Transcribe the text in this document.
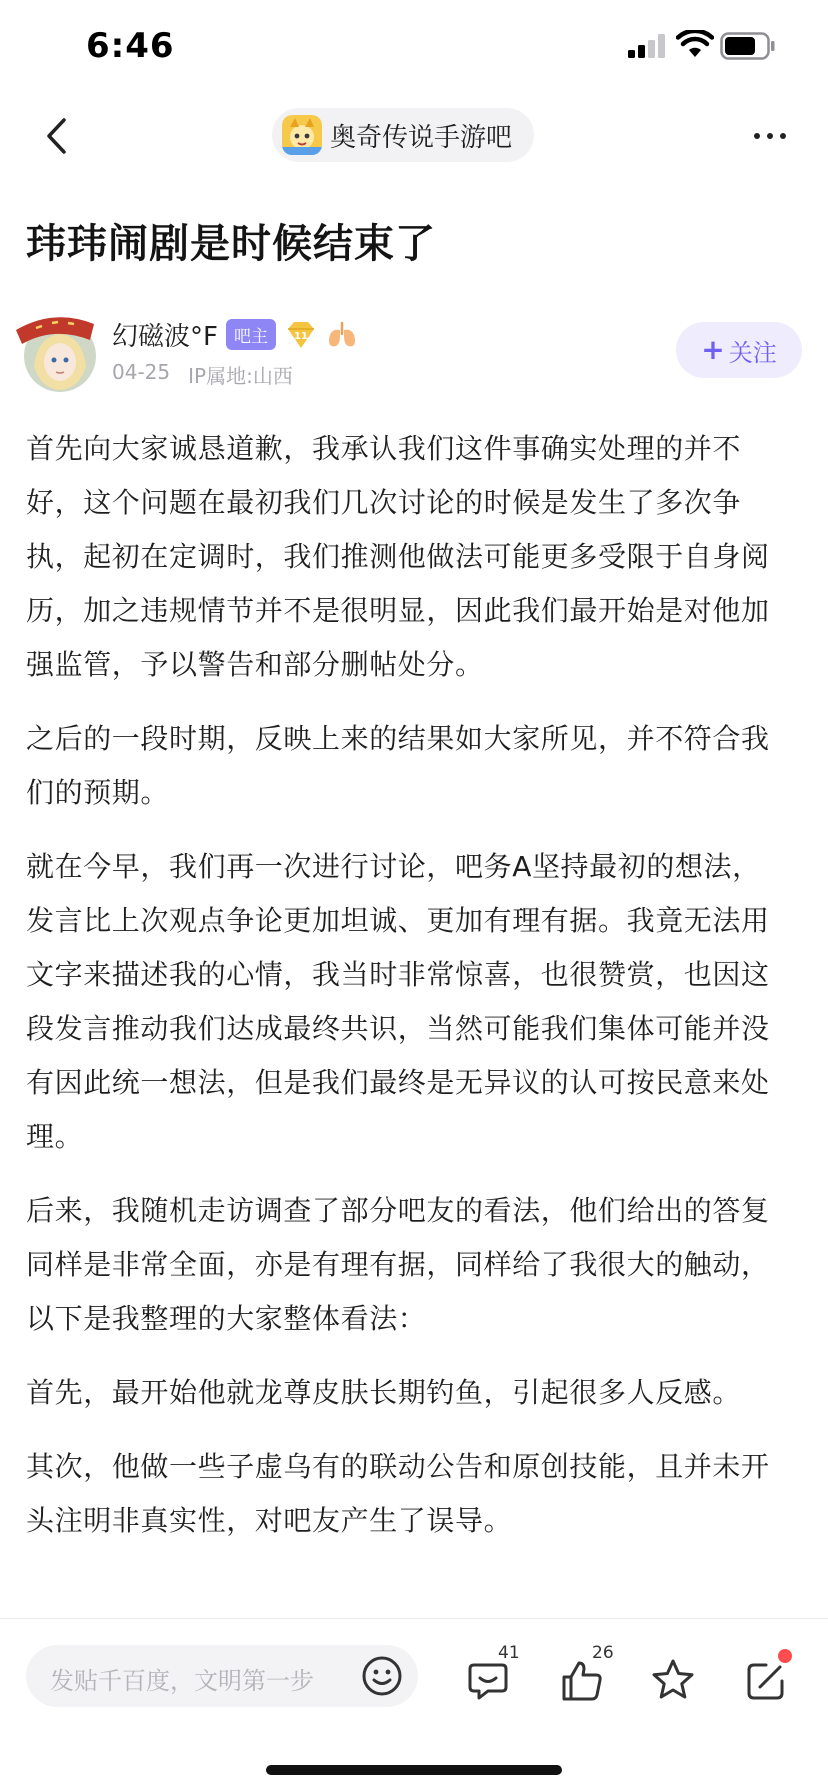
6:46
奥奇传说手游吧
玮玮闹剧是时候结束了
幻磁波°F 吧主	11
04-25 IP属地:山西
+ 关注

首先向大家诚恳道歉，我承认我们这件事确实处理的并不好，这个问题在最初我们几次讨论的时候是发生了多次争执，起初在定调时，我们推测他做法可能更多受限于自身阅历，加之违规情节并不是很明显，因此我们最开始是对他加强监管，予以警告和部分删帖处分。

之后的一段时期，反映上来的结果如大家所见，并不符合我们的预期。

就在今早，我们再一次进行讨论，吧务A坚持最初的想法，发言比上次观点争论更加坦诚、更加有理有据。我竟无法用文字来描述我的心情，我当时非常惊喜，也很赞赏，也因这段发言推动我们达成最终共识，当然可能我们集体可能并没有因此统一想法，但是我们最终是无异议的认可按民意来处理。

后来，我随机走访调查了部分吧友的看法，他们给出的答复同样是非常全面，亦是有理有据，同样给了我很大的触动，以下是我整理的大家整体看法：

首先，最开始他就龙尊皮肤长期钓鱼，引起很多人反感。

其次，他做一些子虚乌有的联动公告和原创技能，且并未开头注明非真实性，对吧友产生了误导。

发贴千百度，文明第一步
41	26
